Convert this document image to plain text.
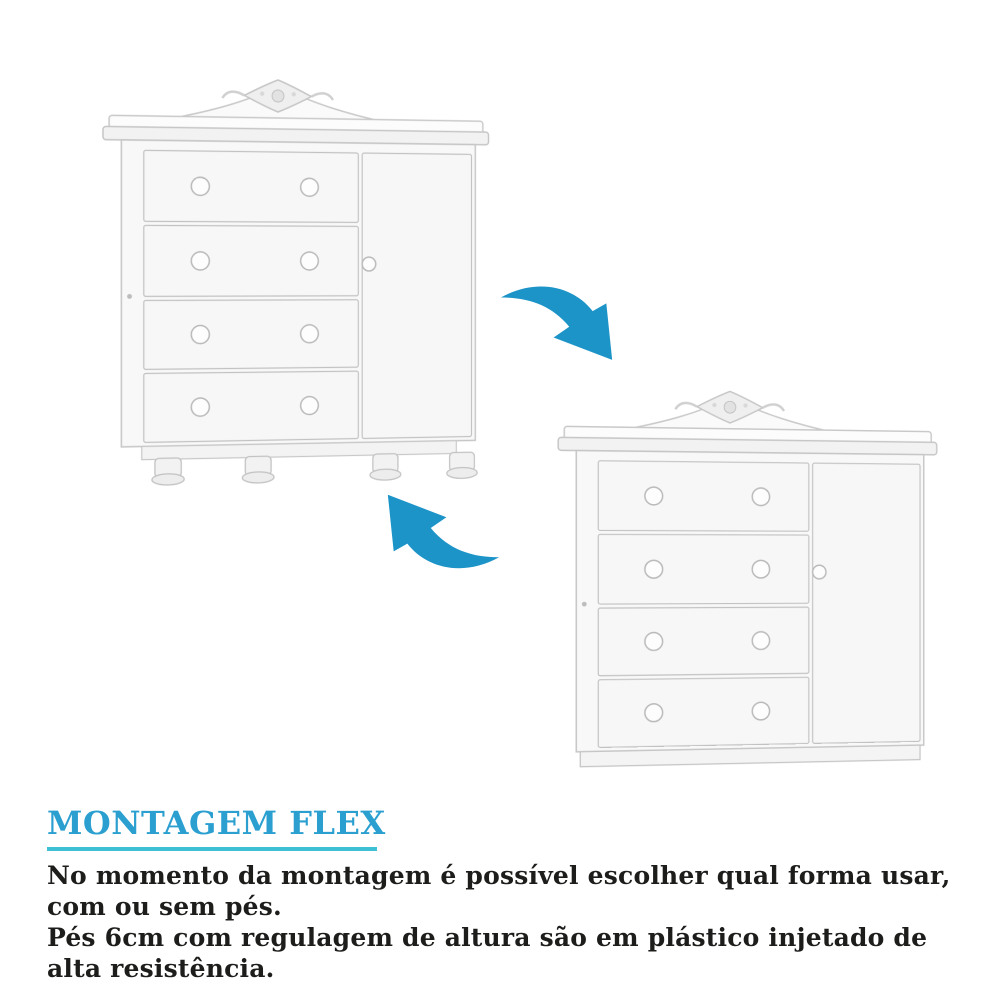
MONTAGEM FLEX
No momento da montagem é possível escolher qual forma usar,
com ou sem pés.
Pés 6cm com regulagem de altura são em plástico injetado de
alta resistência.
